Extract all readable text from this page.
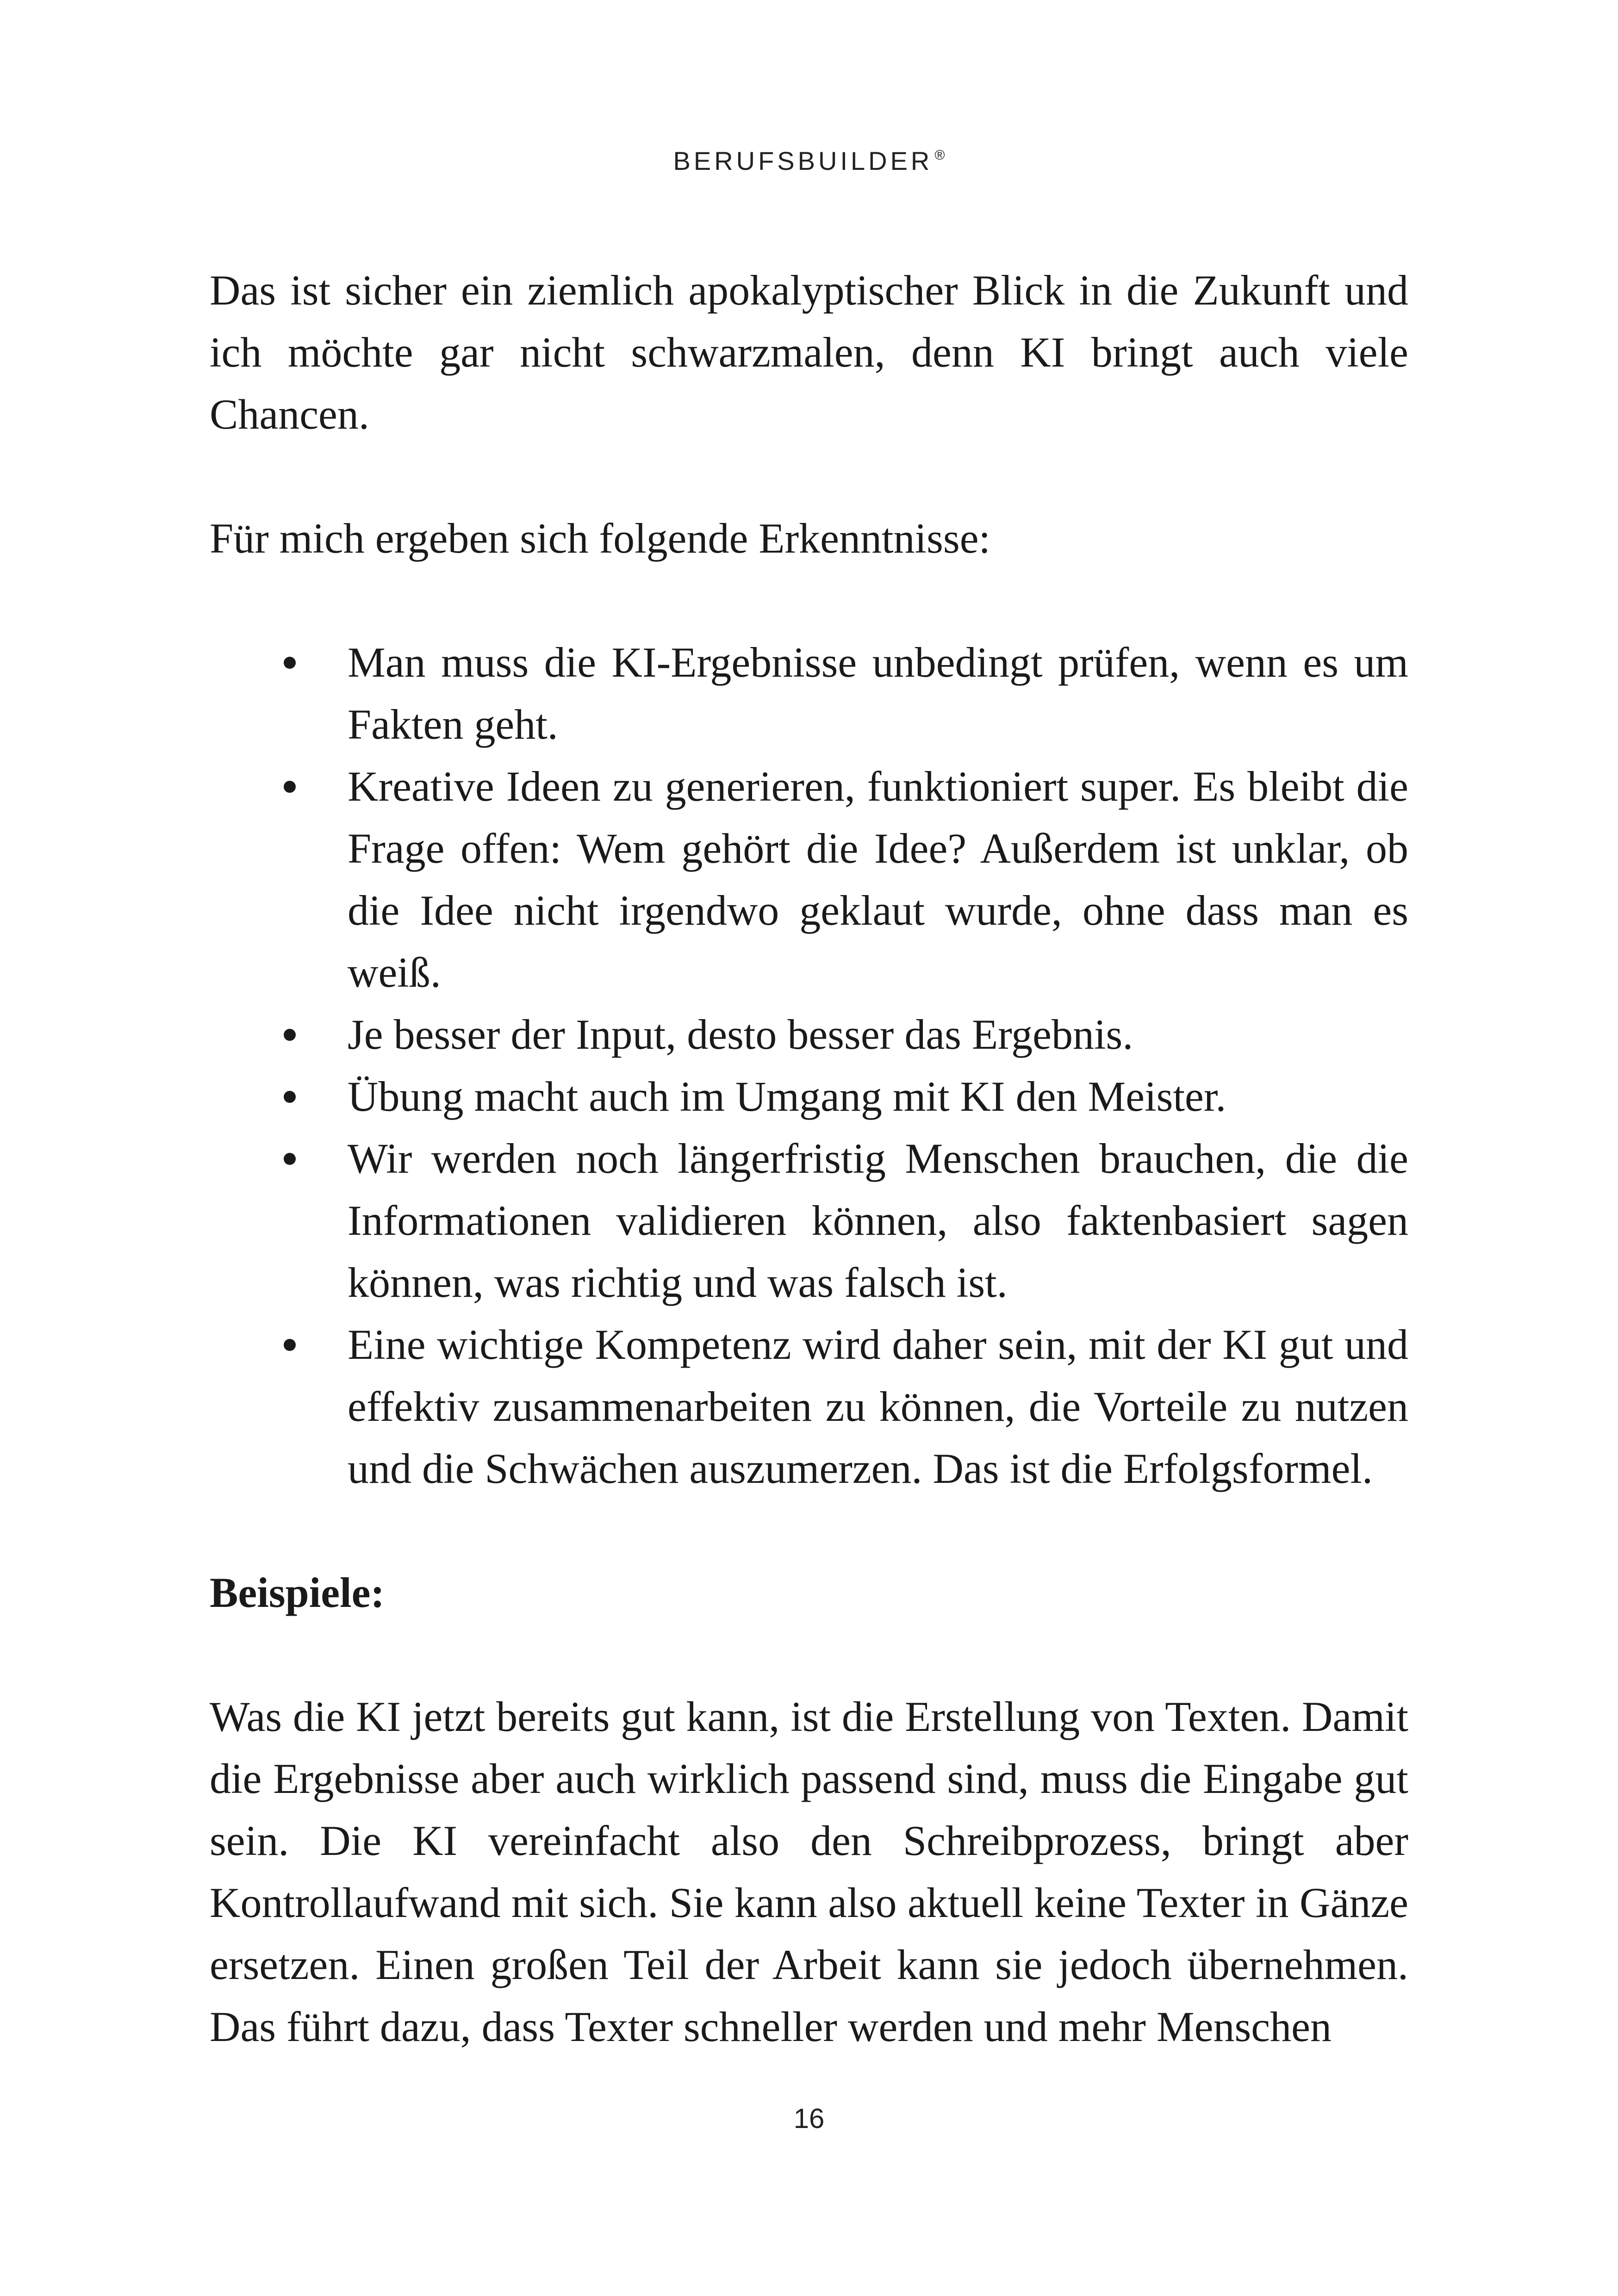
BERUFSBUILDER ®

Das ist sicher ein ziemlich apokalyptischer Blick in die Zukunft und ich möchte gar nicht schwarzmalen, denn KI bringt auch viele Chancen.

Für mich ergeben sich folgende Erkenntnisse:

Man muss die KI-Ergebnisse unbedingt prüfen, wenn es um Fakten geht.
Kreative Ideen zu generieren, funktioniert super. Es bleibt die Frage offen: Wem gehört die Idee? Außerdem ist unklar, ob die Idee nicht irgendwo geklaut wurde, ohne dass man es weiß.
Je besser der Input, desto besser das Ergebnis.
Übung macht auch im Umgang mit KI den Meister.
Wir werden noch längerfristig Menschen brauchen, die die Informationen validieren können, also faktenbasiert sagen können, was richtig und was falsch ist.
Eine wichtige Kompetenz wird daher sein, mit der KI gut und effektiv zusammenarbeiten zu können, die Vorteile zu nutzen und die Schwächen auszumerzen. Das ist die Erfolgsformel.
Beispiele:

Was die KI jetzt bereits gut kann, ist die Erstellung von Texten. Damit die Ergebnisse aber auch wirklich passend sind, muss die Eingabe gut sein. Die KI vereinfacht also den Schreibprozess, bringt aber Kontrollaufwand mit sich. Sie kann also aktuell keine Texter in Gänze ersetzen. Einen großen Teil der Arbeit kann sie jedoch übernehmen. Das führt dazu, dass Texter schneller werden und mehr Menschen

16
